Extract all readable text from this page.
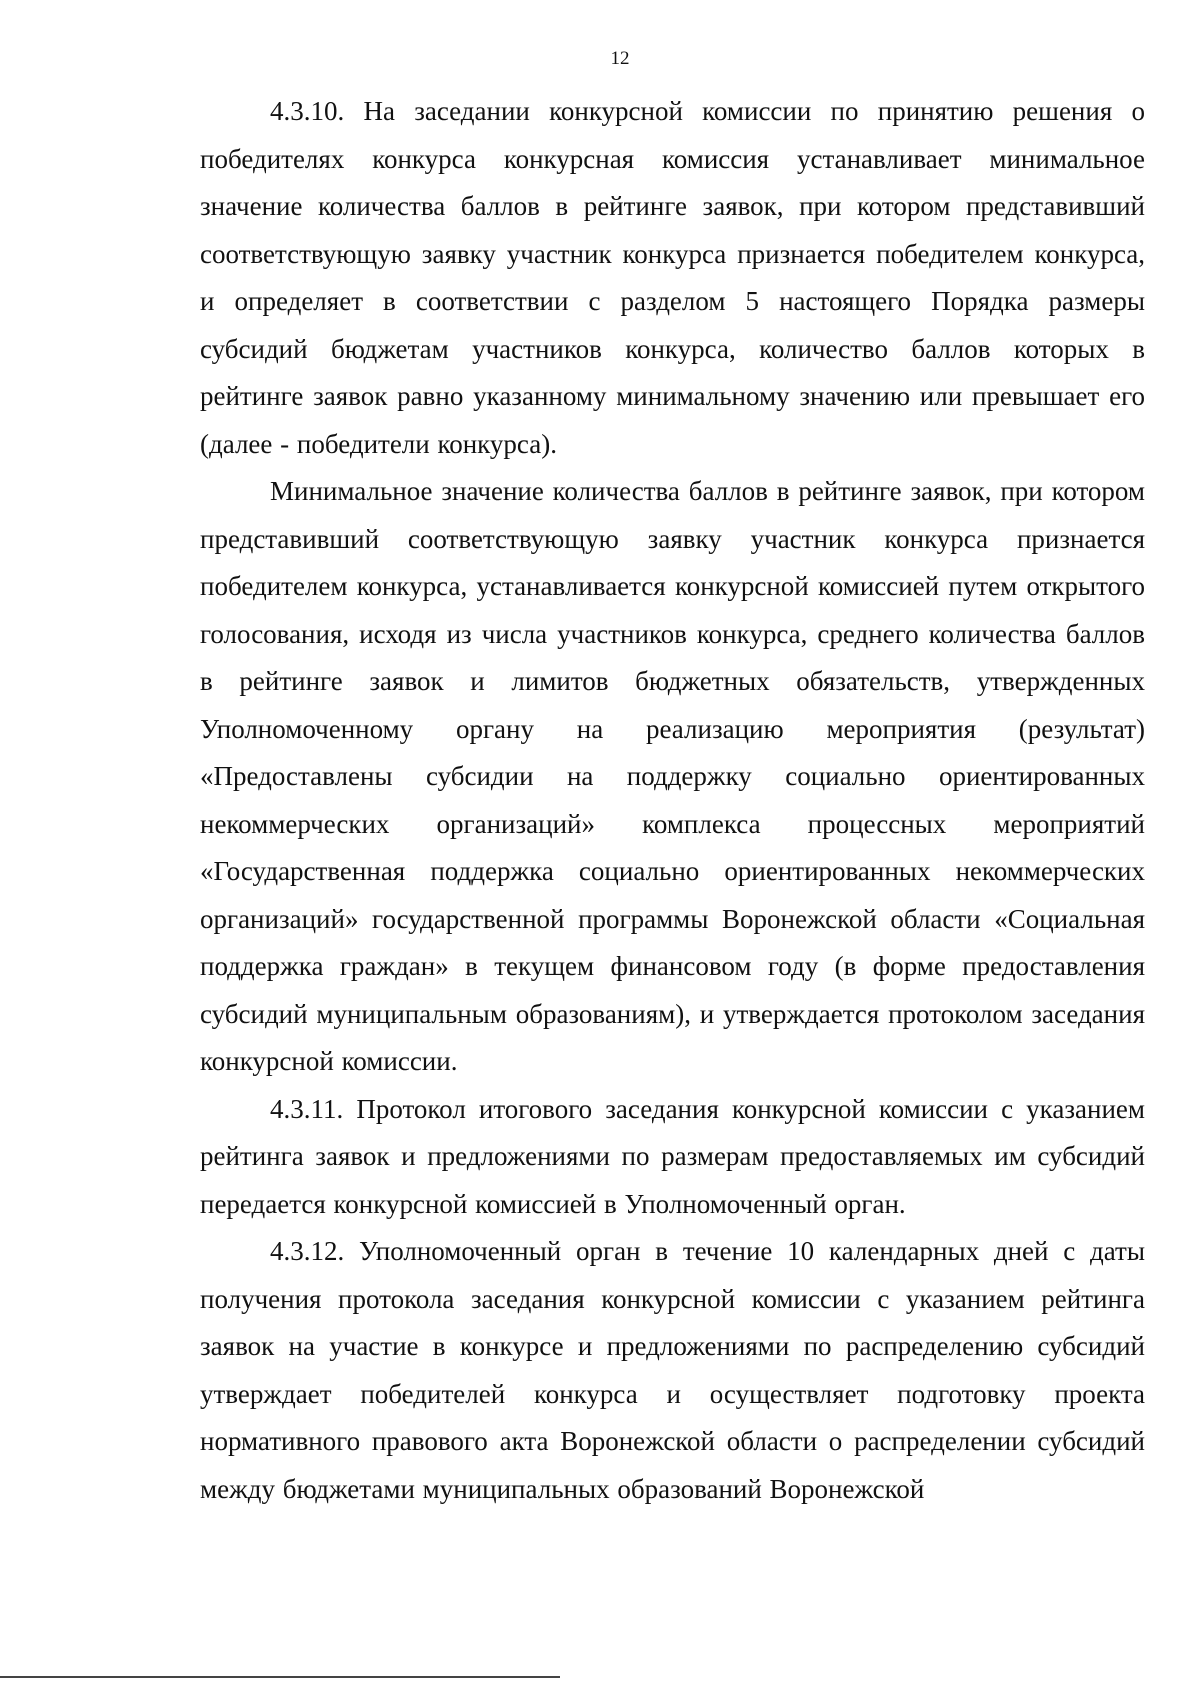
12

4.3.10. На заседании конкурсной комиссии по принятию решения о победителях конкурса конкурсная комиссия устанавливает минимальное значение количества баллов в рейтинге заявок, при котором представивший соответствующую заявку участник конкурса признается победителем конкурса, и определяет в соответствии с разделом 5 настоящего Порядка размеры субсидий бюджетам участников конкурса, количество баллов которых в рейтинге заявок равно указанному минимальному значению или превышает его (далее - победители конкурса).

Минимальное значение количества баллов в рейтинге заявок, при котором представивший соответствующую заявку участник конкурса признается победителем конкурса, устанавливается конкурсной комиссией путем открытого голосования, исходя из числа участников конкурса, среднего количества баллов в рейтинге заявок и лимитов бюджетных обязательств, утвержденных Уполномоченному органу на реализацию мероприятия (результат) «Предоставлены субсидии на поддержку социально ориентированных некоммерческих организаций» комплекса процессных мероприятий «Государственная поддержка социально ориентированных некоммерческих организаций» государственной программы Воронежской области «Социальная поддержка граждан» в текущем финансовом году (в форме предоставления субсидий муниципальным образованиям), и утверждается протоколом заседания конкурсной комиссии.

4.3.11. Протокол итогового заседания конкурсной комиссии с указанием рейтинга заявок и предложениями по размерам предоставляемых им субсидий передается конкурсной комиссией в Уполномоченный орган.

4.3.12. Уполномоченный орган в течение 10 календарных дней с даты получения протокола заседания конкурсной комиссии с указанием рейтинга заявок на участие в конкурсе и предложениями по распределению субсидий утверждает победителей конкурса и осуществляет подготовку проекта нормативного правового акта Воронежской области о распределении субсидий между бюджетами муниципальных образований Воронежской
